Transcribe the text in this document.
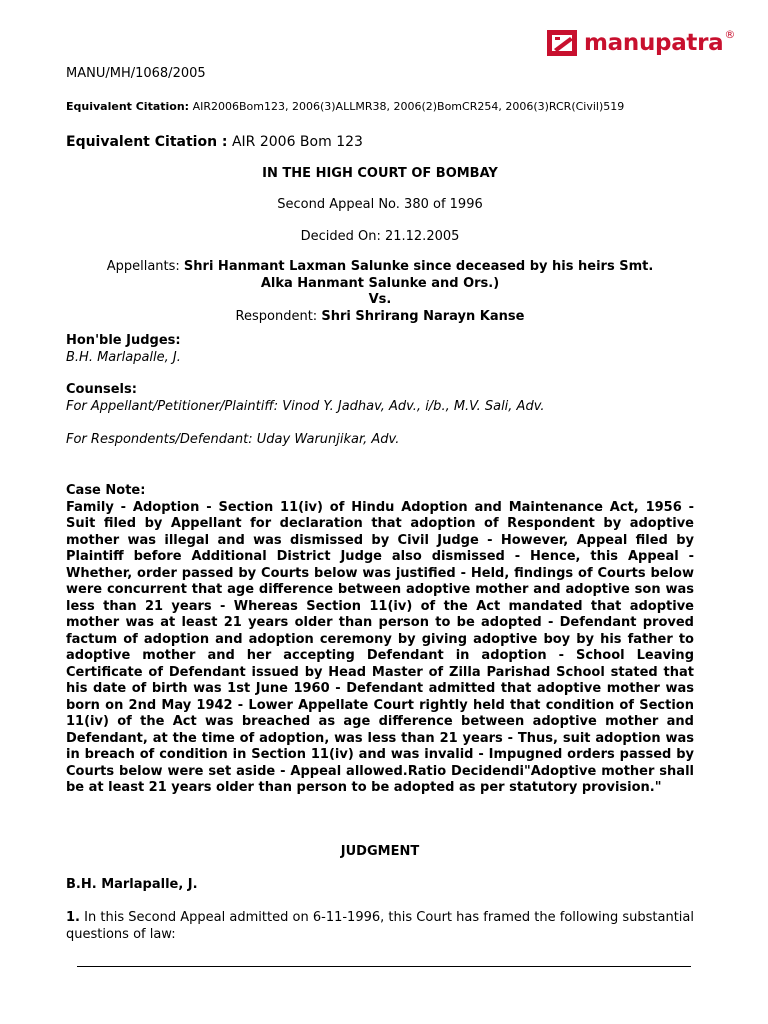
manupatra ®
MANU/MH/1068/2005
Equivalent Citation: AIR2006Bom123, 2006(3)ALLMR38, 2006(2)BomCR254, 2006(3)RCR(Civil)519
Equivalent Citation : AIR 2006 Bom 123
IN THE HIGH COURT OF BOMBAY
Second Appeal No. 380 of 1996
Decided On: 21.12.2005
Appellants: Shri Hanmant Laxman Salunke since deceased by his heirs Smt.
Alka Hanmant Salunke and Ors.)
Vs.
Respondent: Shri Shrirang Narayn Kanse
Hon'ble Judges:
B.H. Marlapalle, J.
Counsels:
For Appellant/Petitioner/Plaintiff: Vinod Y. Jadhav, Adv., i/b., M.V. Sali, Adv.
For Respondents/Defendant: Uday Warunjikar, Adv.
Case Note:

Family - Adoption - Section 11(iv) of Hindu Adoption and Maintenance Act, 1956 - Suit filed by Appellant for declaration that adoption of Respondent by adoptive mother was illegal and was dismissed by Civil Judge - However, Appeal filed by Plaintiff before Additional District Judge also dismissed - Hence, this Appeal - Whether, order passed by Courts below was justified - Held, findings of Courts below were concurrent that age difference between adoptive mother and adoptive son was less than 21 years - Whereas Section 11(iv) of the Act mandated that adoptive mother was at least 21 years older than person to be adopted - Defendant proved factum of adoption and adoption ceremony by giving adoptive boy by his father to adoptive mother and her accepting Defendant in adoption - School Leaving Certificate of Defendant issued by Head Master of Zilla Parishad School stated that his date of birth was 1st June 1960 - Defendant admitted that adoptive mother was born on 2nd May 1942 - Lower Appellate Court rightly held that condition of Section 11(iv) of the Act was breached as age difference between adoptive mother and Defendant, at the time of adoption, was less than 21 years - Thus, suit adoption was in breach of condition in Section 11(iv) and was invalid - Impugned orders passed by Courts below were set aside - Appeal allowed.Ratio Decidendi"Adoptive mother shall be at least 21 years older than person to be adopted as per statutory provision."

JUDGMENT
B.H. Marlapalle, J.
1. In this Second Appeal admitted on 6-11-1996, this Court has framed the following substantial questions of law:
